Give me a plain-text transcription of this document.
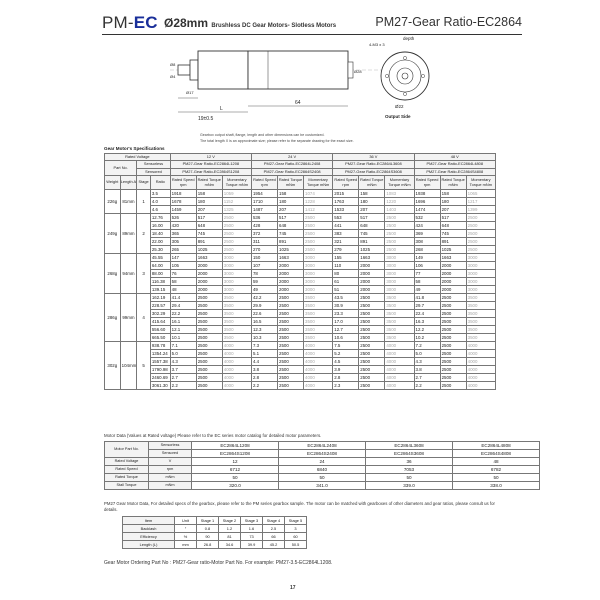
PM-EC Ø28mm Brushless DC Gear Motors- Slotless Motors	PM27-Gear Ratio-EC2864
19±0.5
L
64
Ø8
Ø4
Ø17
Ø28
depth
4-M3 x 3
Ø22
Output Side
Gearbox output shaft, flange, length and other dimensions can be customized.
The total length X is an approximate size; please refer to the separate drawing for the exact size.
Gear Motor's Specifications
Rated Voltage				12 V			24 V			36 V			48 V		
Part No.		Sensorless		PM27-Gear Ratio-EC2864L1208			PM27-Gear Ratio-EC2864L2408			PM27-Gear Ratio-EC2864L3608			PM27-Gear Ratio-EC2864L4808		
		Sensored		PM27-Gear Ratio-EC2864S1208			PM27-Gear Ratio-EC2864S2408			PM27-Gear Ratio-EC2864S3608			PM27-Gear Ratio-EC2864S4808		
Weight	Length A	Stage	Ratio	Rated Speed rpm	Rated Torque mNm	Momentary Torque mNm	Rated Speed rpm	Rated Torque mNm	Momentary Torque mNm	Rated Speed rpm	Rated Torque mNm	Momentary Torque mNm	Rated Speed rpm	Rated Torque mNm	Momentary Torque mNm
226g	81mm	1	3.5	1918	158	1059	1954	158	1074	2015	158	1083	1938	158	1065
			4.0	1678	180	1152	1710	180	1228	1763	180	1220	1696	180	1217
			4.6	1459	207	1325	1487	207	1412	1533	207	1403	1474	207	1399
249g	89mm	2	12.76	526	517	2500	536	517	2500	553	517	2500	532	517	2500
			16.00	420	648	2500	428	648	2500	441	648	2500	424	648	2500
			18.40	365	745	2500	372	745	2500	383	745	2500	369	745	2500
			22.00	305	891	2500	311	891	2500	321	891	2500	308	891	2500
			25.30	265	1025	2500	270	1025	2500	279	1025	2500	268	1025	2500
268g	94mm	3	45.55	147	1663	3000	150	1663	3000	155	1663	3000	149	1663	3000
			64.00	105	2000	3000	107	2000	3000	110	2000	3000	106	2000	3000
			88.00	76	2000	3000	78	2000	3000	80	2000	3000	77	2000	3000
			116.38	58	2000	3000	59	2000	3000	61	2000	3000	58	2000	3000
			139.15	48	2000	3000	49	2000	3000	51	2000	3000	49	2000	3000
286g	99mm	4	162.19	41.4	2500	3500	42.2	2500	3500	43.5	2500	3500	41.8	2500	3500
			228.57	29.4	2500	3500	29.9	2500	3500	30.9	2500	3500	29.7	2500	3500
			302.29	22.2	2500	3500	22.6	2500	3500	23.3	2500	3500	22.4	2500	3500
			415.64	16.1	2500	3500	16.5	2500	3500	17.0	2500	3500	16.3	2500	3500
			556.60	12.1	2500	3500	12.3	2500	3500	12.7	2500	3500	12.2	2500	3500
			665.50	10.1	2500	3500	10.3	2500	3500	10.6	2500	3500	10.2	2500	3500
302g	104mm	5	938.78	7.1	2500	4000	7.3	2500	4000	7.5	2500	4000	7.2	2500	4000
			1354.24	5.0	2500	4000	5.1	2500	4000	5.2	2500	4000	5.0	2500	4000
			1557.38	4.3	2500	4000	4.4	2500	4000	4.5	2500	4000	4.3	2500	4000
			1790.98	3.7	2500	4000	3.8	2500	4000	3.9	2500	4000	3.8	2500	4000
			2460.69	2.7	2500	4000	2.8	2500	4000	2.8	2500	4000	2.7	2500	4000
			3061.30	2.2	2500	4000	2.2	2500	4000	2.3	2500	4000	2.2	2500	4000
Motor Data (Values at Rated voltage) Please refer to the EC series motor catalog for detailed motor parameters.
Motor Part No.	Sensorless	EC2864L1208	EC2864L2408	EC2864L3608	EC2864L4808
	Sensored	EC2864S1208	EC2864S2408	EC2864S3608	EC2864S4808
Rated Voltage	V	12	24	36	48
Rated Speed	rpm	6712	6840	7053	6782
Rated Torque	mNm	50	50	50	50
Stall Torque	mNm	320.0	341.0	339.0	338.0
PM27 Gear Motor Data, For detailed specs of the gearbox, please refer to the PM series gearbox sample. The motor can be matched with gearboxes of other diameters and gear ratios, please consult us for details.
Item	Unit	Stage 1	Stage 2	Stage 3	Stage 4	Stage 5
Backlash	°	0.8	1.2	1.6	2.5	3
Efficiency	%	90	81	73	66	60
Length (L)	mm	26.8	34.6	39.9	45.2	50.5
Gear Motor Ordering Part No : PM27-Gear ratio-Motor Part No. For example: PM27-3.5-EC2864L1208.
17
